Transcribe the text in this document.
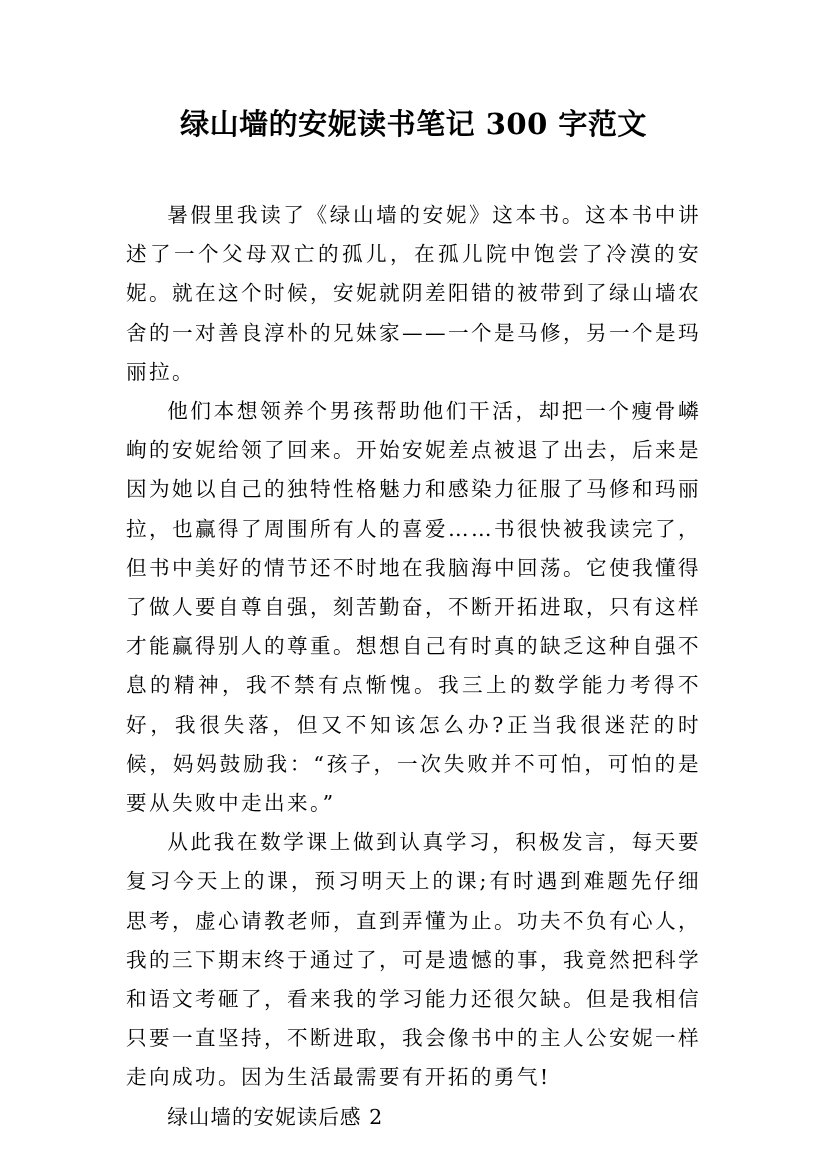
绿山墙的安妮读书笔记 300 字范文

暑假里我读了《绿山墙的安妮》这本书。这本书中讲述了一个父母双亡的孤儿，在孤儿院中饱尝了冷漠的安妮。就在这个时候，安妮就阴差阳错的被带到了绿山墙农舍的一对善良淳朴的兄妹家——一个是马修，另一个是玛丽拉。

他们本想领养个男孩帮助他们干活，却把一个瘦骨嶙峋的安妮给领了回来。开始安妮差点被退了出去，后来是因为她以自己的独特性格魅力和感染力征服了马修和玛丽拉，也赢得了周围所有人的喜爱……书很快被我读完了，但书中美好的情节还不时地在我脑海中回荡。它使我懂得了做人要自尊自强，刻苦勤奋，不断开拓进取，只有这样才能赢得别人的尊重。想想自己有时真的缺乏这种自强不息的精神，我不禁有点惭愧。我三上的数学能力考得不好，我很失落，但又不知该怎么办?正当我很迷茫的时候，妈妈鼓励我：“孩子，一次失败并不可怕，可怕的是要从失败中走出来。”

从此我在数学课上做到认真学习，积极发言，每天要复习今天上的课，预习明天上的课;有时遇到难题先仔细思考，虚心请教老师，直到弄懂为止。功夫不负有心人，我的三下期末终于通过了，可是遗憾的事，我竟然把科学和语文考砸了，看来我的学习能力还很欠缺。但是我相信只要一直坚持，不断进取，我会像书中的主人公安妮一样走向成功。因为生活最需要有开拓的勇气!

绿山墙的安妮读后感 2
